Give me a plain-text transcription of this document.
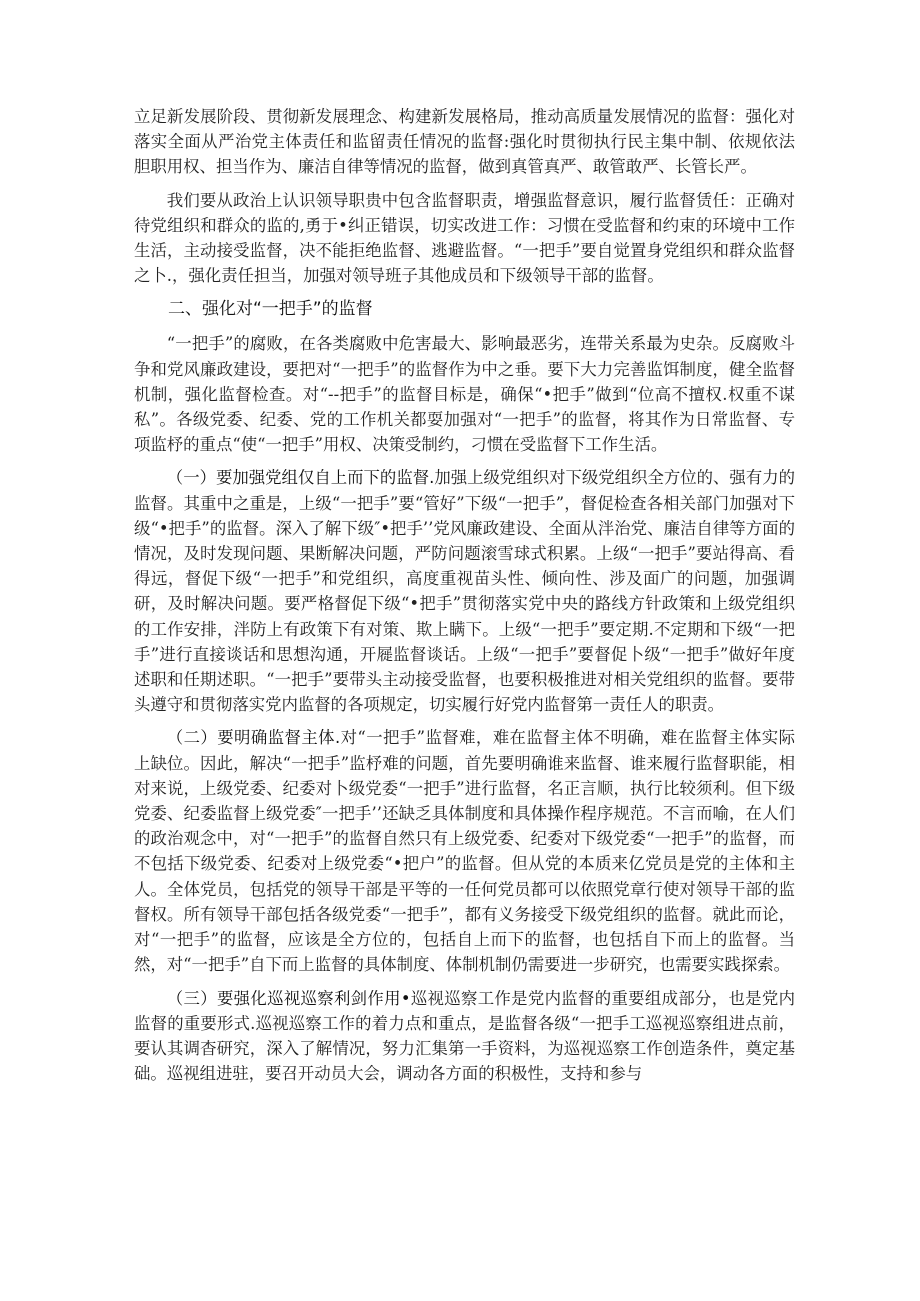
立足新发展阶段、贯彻新发展理念、构建新发展格局，推动高质量发展情况的监督：强化对落实全面从严治党主体责任和监留责任情况的监督:强化时贯彻执行民主集中制、依规依法胆职用权、担当作为、廉洁自律等情况的监督，做到真管真严、敢管敢严、长管长严。

我们要从政治上认识领导职贵中包含监督职责，增强监督意识，履行监督赁任：正确对待党组织和群众的监的,勇于•纠正错误，切实改进工作：习惯在受监督和约束的环境中工作生活，主动接受监督，决不能拒绝监督、逃避监督。“一把手”要自觉置身党组织和群众监督之卜.，强化责任担当，加强对领导班子其他成员和下级领导干部的监督。

二、强化对“一把手”的监督

“一把手”的腐败，在各类腐败中危害最大、影响最恶劣，连带关系最为史杂。反腐败斗争和党风廉政建设，要把对“一把手”的监督作为中之垂。要下大力完善监饵制度，健全监督机制，强化监督检查。对“--把手”的监督目标是，确保“•把手”做到“位高不擅权.权重不谋私”。各级党委、纪委、党的工作机关都耍加强对“一把手”的监督，将其作为日常监督、专项监杼的重点“使“一把手”用权、决策受制约，刁惯在受监督下工作生活。

（一）要加强党组仅自上而下的监督.加强上级党组织对下级党组织全方位的、强有力的监督。其重中之重是，上级“一把手”要“管好”下级“一把手”，督促检查各相关部门加强对下级“•把手”的监督。深入了解下级″•把手’’党风廉政建设、全面从泮治党、廉洁自律等方面的情况，及时发现问题、果断解决问题，严防问题滚雪球式积累。上级“一把手”要站得高、看得远，督促下级“一把手”和党组织，高度重视苗头性、倾向性、涉及面广的问题，加强调研，及时解决问题。要严格督促下级“•把手”贯彻落实党中央的路线方针政策和上级党组织的工作安排，泮防上有政策下有对策、欺上瞒下。上级“一把手”要定期.不定期和下级“一把手”进行直接谈话和思想沟通，开屣监督谈话。上级“一把手”要督促卜级“一把手”做好年度述职和任期述职。“一把手”要带头主动接受监督，也要积极推进对相关党组织的监督。要带头遵守和贯彻落实党内监督的各项规定，切实履行好党内监督第一责任人的职责。

（二）要明确监督主体.对“一把手”监督难，难在监督主体不明确，难在监督主体实际上缺位。因此，解决“一把手”监杼难的问题，首先要明确谁来监督、谁来履行监督职能，相对来说，上级党委、纪委对卜级党委“一把手”进行监督，名正言顺，执行比较须利。但下级党委、纪委监督上级党委″一把手’’还缺乏具体制度和具体操作程序规范。不言而喻，在人们的政治观念中，对“一把手”的监督自然只有上级党委、纪委对下级党委“一把手”的监督，而不包括下级党委、纪委对上级党委“•把户”的监督。但从党的本质来亿党员是党的主体和主人。全体党员，包括党的领导干部是平等的一任何党员都可以依照党章行使对领导干部的监督权。所有领导干部包括各级党委“一把手”，都有义务接受下级党组织的监督。就此而论，对“一把手”的监督，应该是全方位的，包括自上而下的监督，也包括自下而上的监督。当然，对“一把手”自下而上监督的具体制度、体制机制仍需要进一步研究，也需要实践探索。

（三）要强化巡视巡察利剑作用•巡视巡察工作是党内监督的重要组成部分，也是党内监督的重要形式.巡视巡察工作的着力点和重点，是监督各级“一把手工巡视巡察组进点前，要认其调杳研究，深入了解情况，努力汇集第一手资料，为巡视巡察工作创造条件，奠定基础。巡视组进驻，要召开动员大会，调动各方面的积极性，支持和参与
